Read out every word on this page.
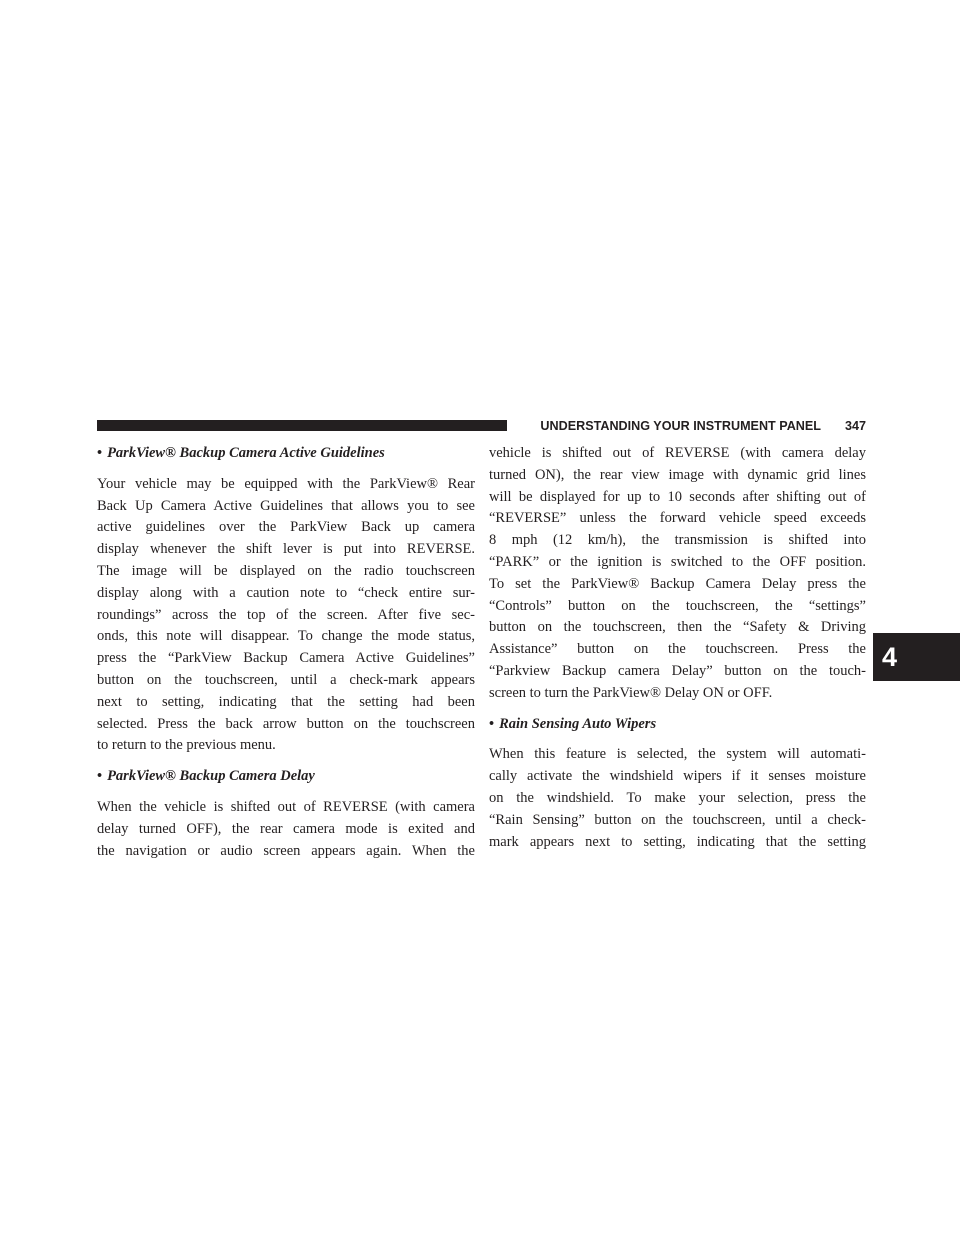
UNDERSTANDING YOUR INSTRUMENT PANEL	347
4
• ParkView® Backup Camera Active Guidelines
Your vehicle may be equipped with the ParkView® Rear
Back Up Camera Active Guidelines that allows you to see
active guidelines over the ParkView Back up camera
display whenever the shift lever is put into REVERSE.
The image will be displayed on the radio touchscreen
display along with a caution note to “check entire sur-
roundings” across the top of the screen. After five sec-
onds, this note will disappear. To change the mode status,
press the “ParkView Backup Camera Active Guidelines”
button on the touchscreen, until a check-mark appears
next to setting, indicating that the setting had been
selected. Press the back arrow button on the touchscreen
to return to the previous menu.
• ParkView® Backup Camera Delay
When the vehicle is shifted out of REVERSE (with camera
delay turned OFF), the rear camera mode is exited and
the navigation or audio screen appears again. When the
vehicle is shifted out of REVERSE (with camera delay
turned ON), the rear view image with dynamic grid lines
will be displayed for up to 10 seconds after shifting out of
“REVERSE” unless the forward vehicle speed exceeds
8 mph (12 km/h), the transmission is shifted into
“PARK” or the ignition is switched to the OFF position.
To set the ParkView® Backup Camera Delay press the
“Controls” button on the touchscreen, the “settings”
button on the touchscreen, then the “Safety & Driving
Assistance” button on the touchscreen. Press the
“Parkview Backup camera Delay” button on the touch-
screen to turn the ParkView® Delay ON or OFF.
• Rain Sensing Auto Wipers
When this feature is selected, the system will automati-
cally activate the windshield wipers if it senses moisture
on the windshield. To make your selection, press the
“Rain Sensing” button on the touchscreen, until a check-
mark appears next to setting, indicating that the setting
